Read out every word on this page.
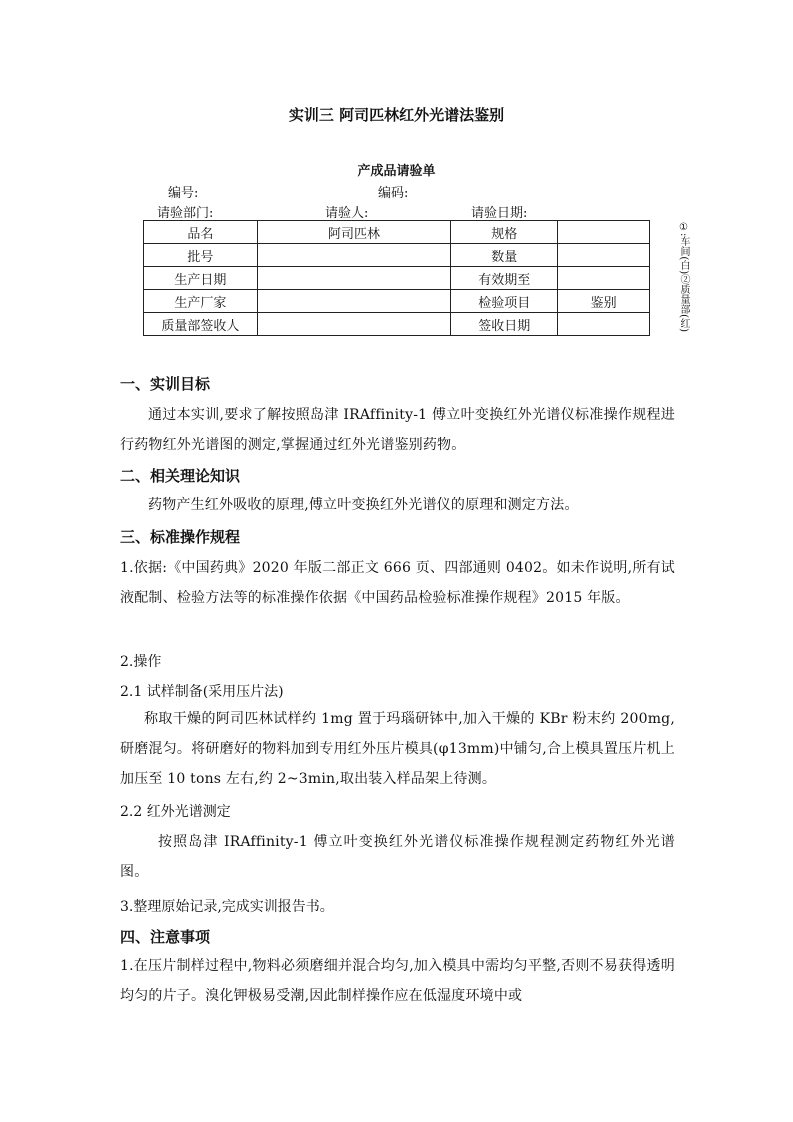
实训三 阿司匹林红外光谱法鉴别
产成品请验单
编号:	编码:
请验部门:	请验人:	请验日期:
品名	阿司匹林	规格	
批号		数量	
生产日期		有效期至	
生产厂家		检验项目	鉴别
质量部签收人		签收日期		①:车间(白)②质量部(红)
一、实训目标
通过本实训,要求了解按照岛津 IRAffinity-1 傅立叶变换红外光谱仪标准操作规程进行药物红外光谱图的测定,掌握通过红外光谱鉴别药物。
二、相关理论知识
药物产生红外吸收的原理,傅立叶变换红外光谱仪的原理和测定方法。
三、标准操作规程
1.依据:《中国药典》2020 年版二部正文 666 页、四部通则 0402。如未作说明,所有试液配制、检验方法等的标准操作依据《中国药品检验标准操作规程》2015 年版。
2.操作
2.1 试样制备(采用压片法)
称取干燥的阿司匹林试样约 1mg 置于玛瑙研钵中,加入干燥的 KBr 粉末约 200mg,研磨混匀。将研磨好的物料加到专用红外压片模具(φ13mm)中铺匀,合上模具置压片机上加压至 10 tons 左右,约 2~3min,取出装入样品架上待测。
2.2 红外光谱测定
按照岛津 IRAffinity-1 傅立叶变换红外光谱仪标准操作规程测定药物红外光谱图。
3.整理原始记录,完成实训报告书。
四、注意事项
1.在压片制样过程中,物料必须磨细并混合均匀,加入模具中需均匀平整,否则不易获得透明均匀的片子。溴化钾极易受潮,因此制样操作应在低湿度环境中或
